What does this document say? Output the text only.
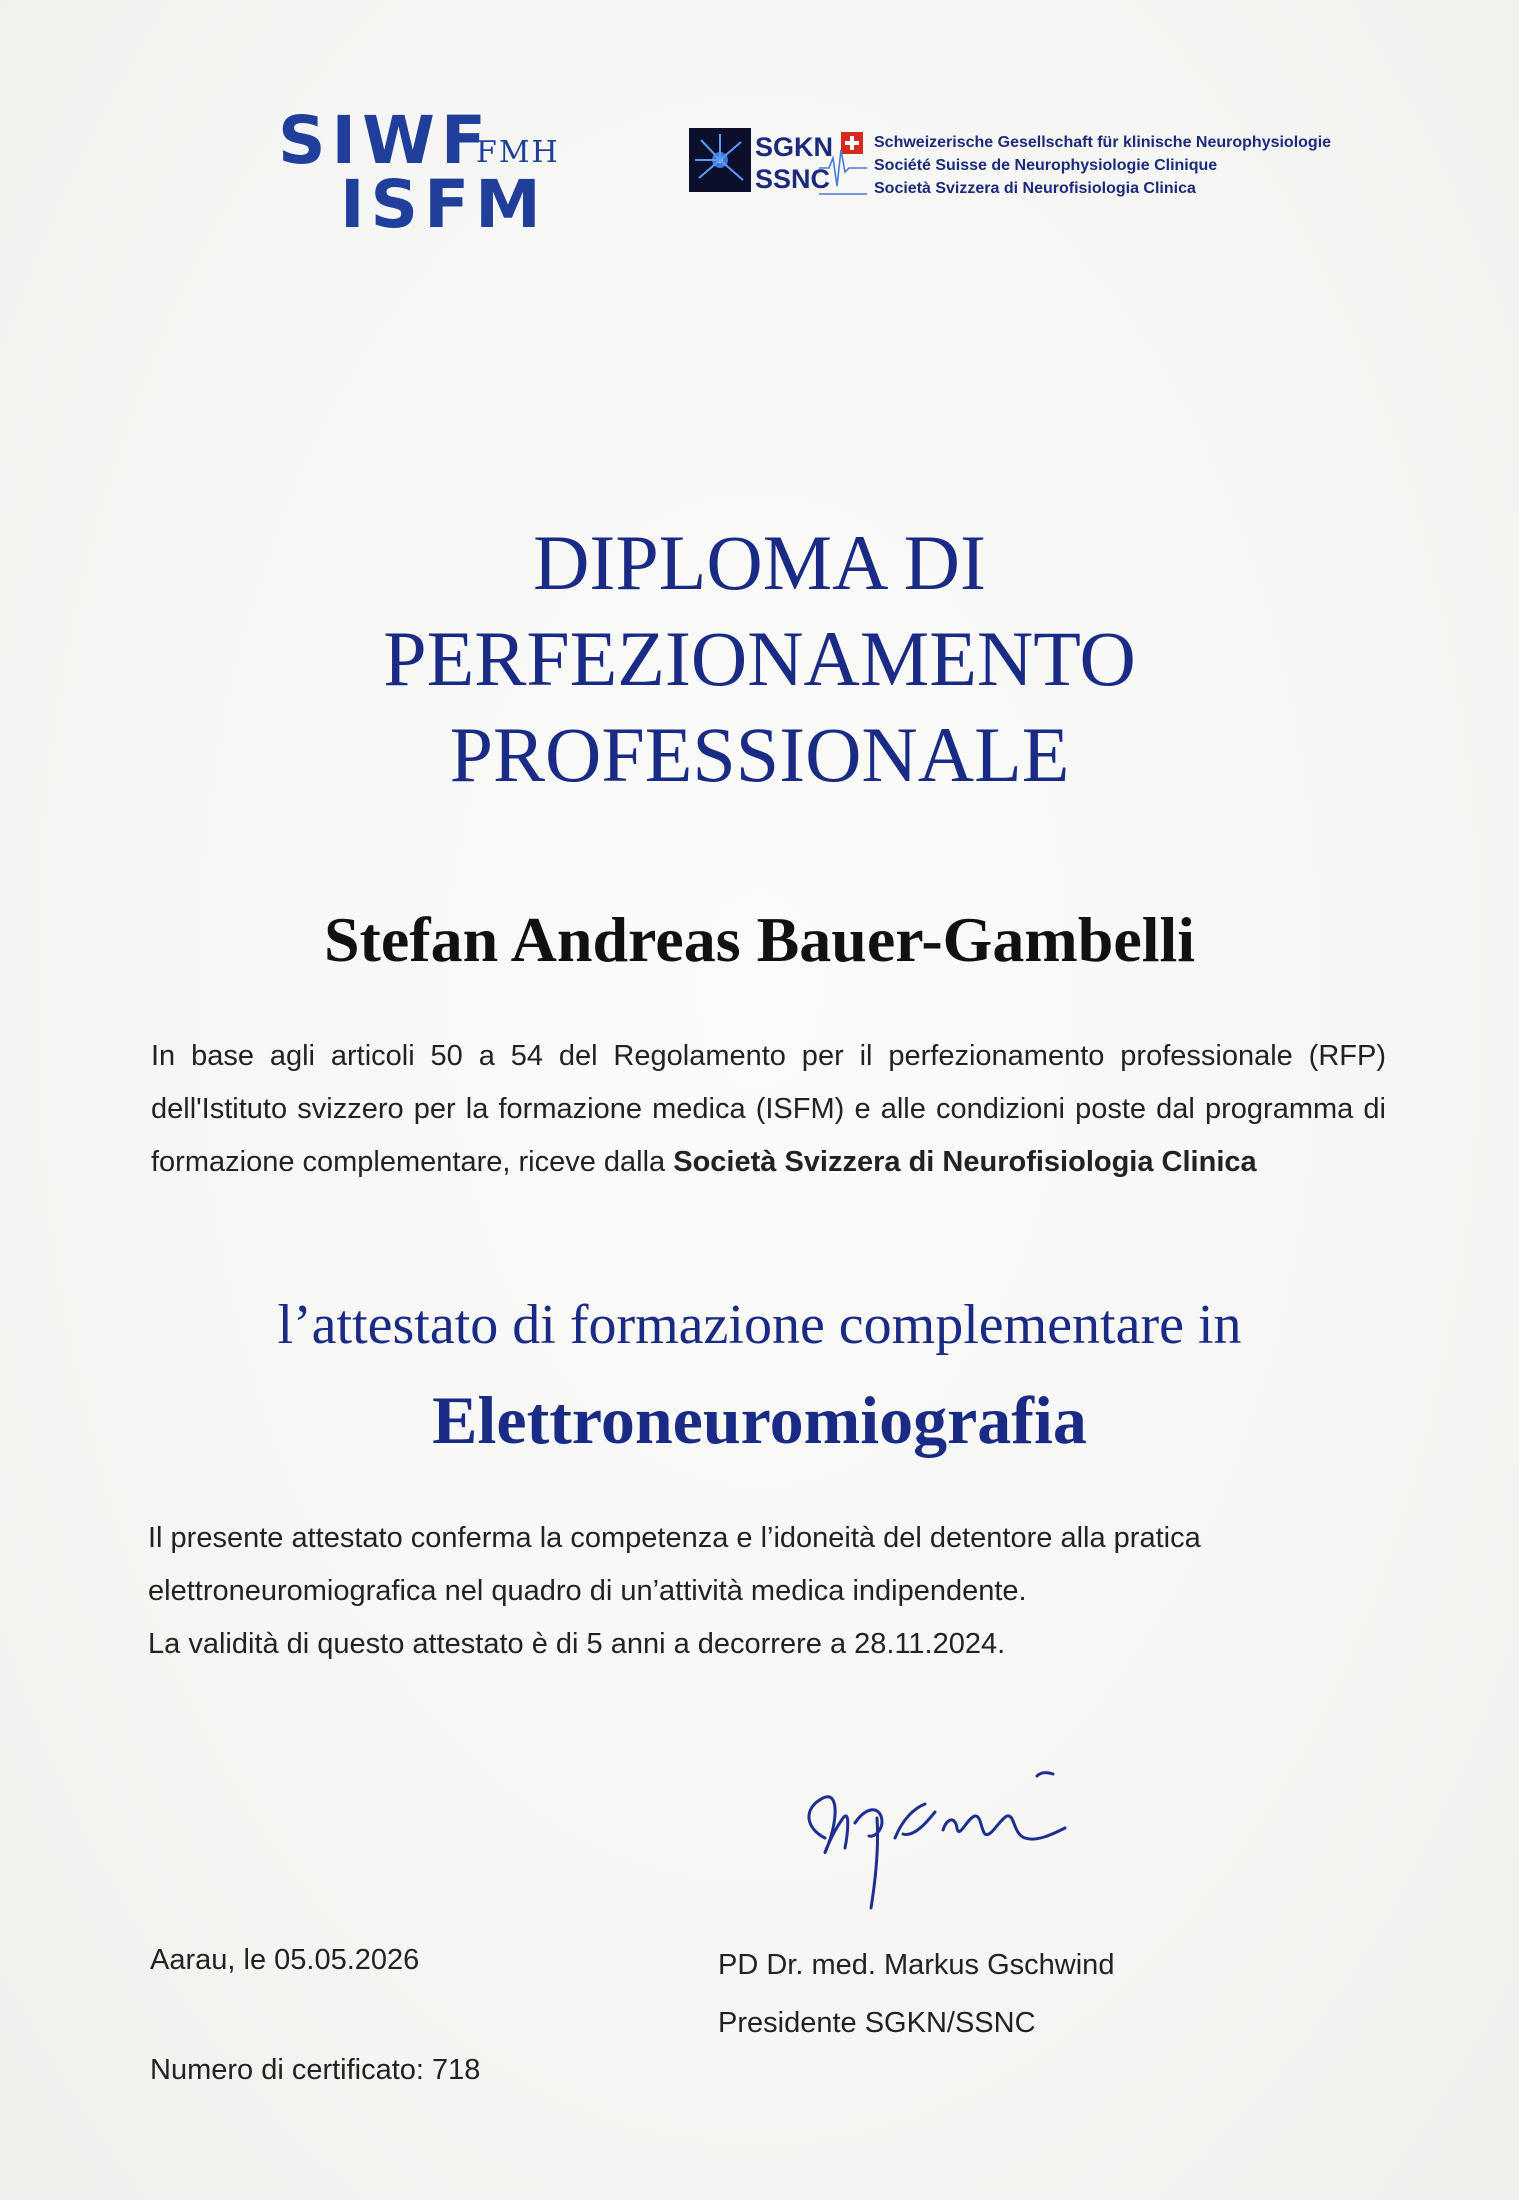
SIWF
FMH
ISFM
SGKN
SSNC
Schweizerische Gesellschaft für klinische Neurophysiologie
Société Suisse de Neurophysiologie Clinique
Società Svizzera di Neurofisiologia Clinica
DIPLOMA DI
PERFEZIONAMENTO
PROFESSIONALE
Stefan Andreas Bauer-Gambelli
In base agli articoli 50 a 54 del Regolamento per il perfezionamento professionale (RFP) dell'Istituto svizzero per la formazione medica (ISFM) e alle condizioni poste dal programma di formazione complementare, riceve dalla Società Svizzera di Neurofisiologia Clinica
l’attestato di formazione complementare in
Elettroneuromiografia

Il presente attestato conferma la competenza e l’idoneità del detentore alla pratica elettroneuromiografica nel quadro di un’attività medica indipendente.

La validità di questo attestato è di 5 anni a decorrere a 28.11.2024.

Aarau, le 05.05.2026	PD Dr. med. Markus Gschwind
Presidente SGKN/SSNC
Numero di certificato: 718
